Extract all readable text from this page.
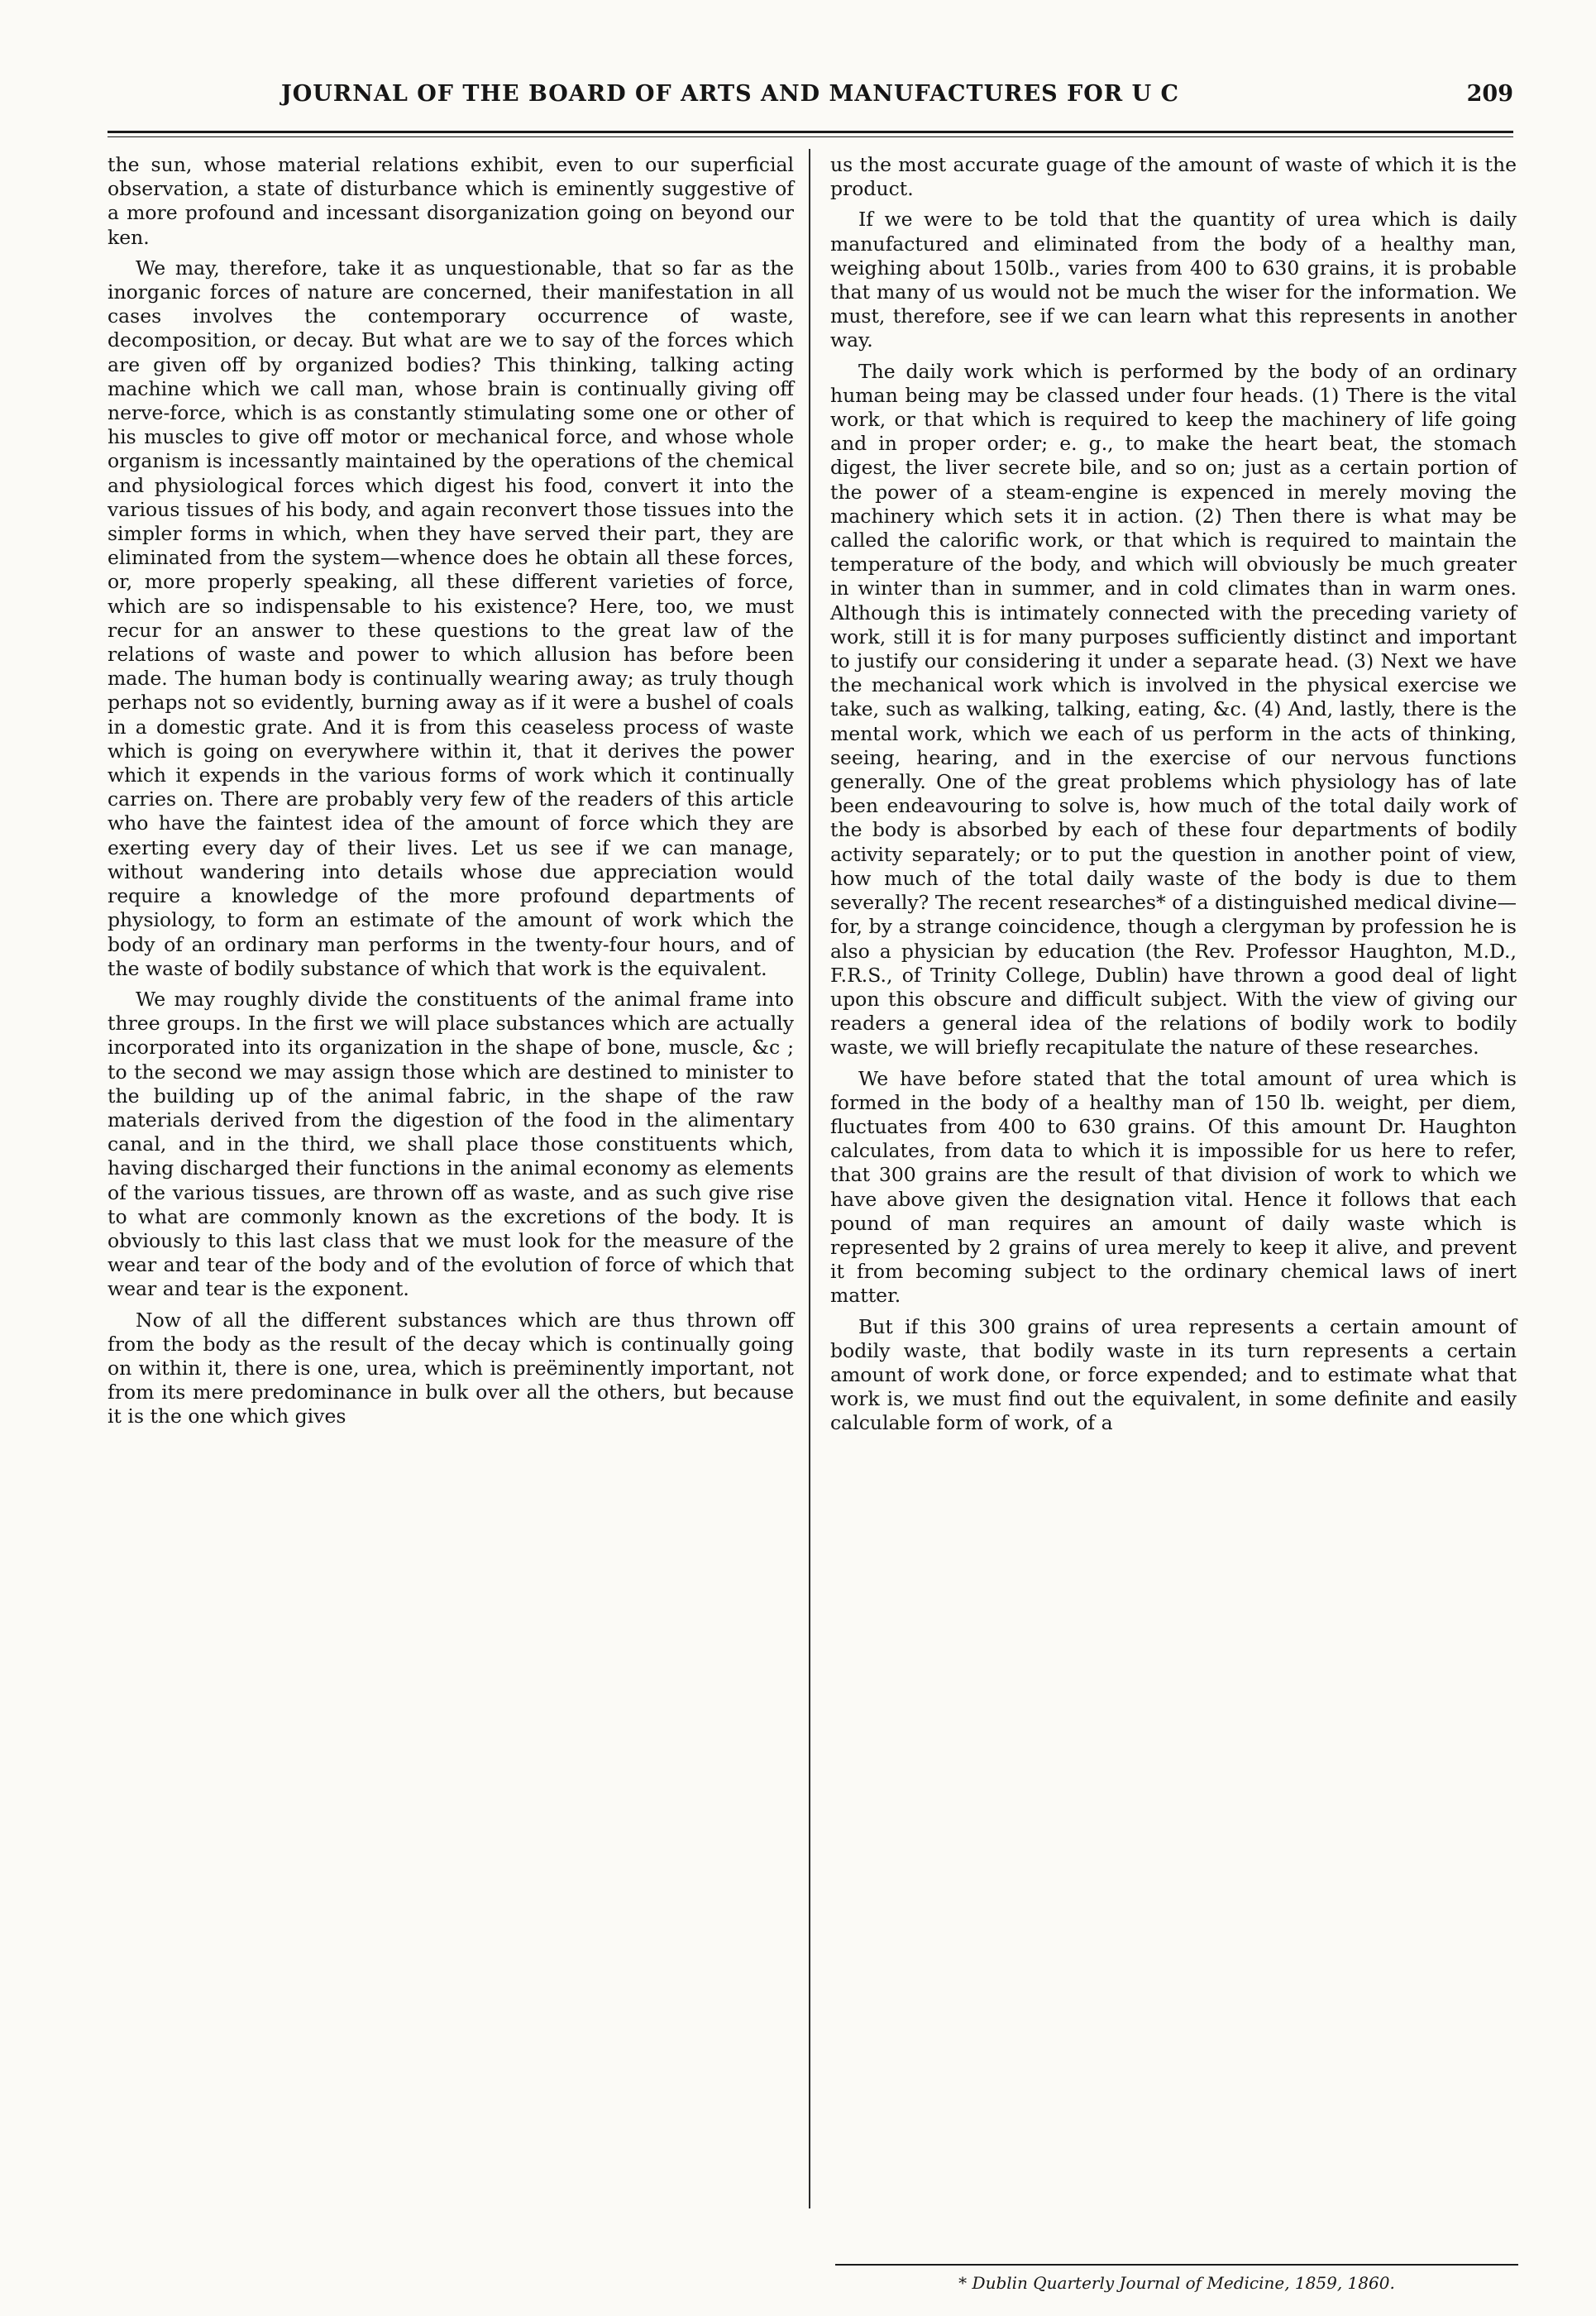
JOURNAL OF THE BOARD OF ARTS AND MANUFACTURES FOR U C	209

the sun, whose material relations exhibit, even to our superficial observation, a state of disturbance which is eminently suggestive of a more profound and incessant disorganization going on beyond our ken.

We may, therefore, take it as unquestionable, that so far as the inorganic forces of nature are concerned, their manifestation in all cases involves the contemporary occurrence of waste, decomposition, or decay. But what are we to say of the forces which are given off by organized bodies? This thinking, talking acting machine which we call man, whose brain is continually giving off nerve-force, which is as constantly stimulating some one or other of his muscles to give off motor or mechanical force, and whose whole organism is incessantly maintained by the operations of the chemical and physiological forces which digest his food, convert it into the various tissues of his body, and again reconvert those tissues into the simpler forms in which, when they have served their part, they are eliminated from the system—whence does he obtain all these forces, or, more properly speaking, all these different varieties of force, which are so indispensable to his existence? Here, too, we must recur for an answer to these questions to the great law of the relations of waste and power to which allusion has before been made. The human body is continually wearing away; as truly though perhaps not so evidently, burning away as if it were a bushel of coals in a domestic grate. And it is from this ceaseless process of waste which is going on everywhere within it, that it derives the power which it expends in the various forms of work which it continually carries on. There are probably very few of the readers of this article who have the faintest idea of the amount of force which they are exerting every day of their lives. Let us see if we can manage, without wandering into details whose due appreciation would require a knowledge of the more profound departments of physiology, to form an estimate of the amount of work which the body of an ordinary man performs in the twenty-four hours, and of the waste of bodily substance of which that work is the equivalent.

We may roughly divide the constituents of the animal frame into three groups. In the first we will place substances which are actually incorporated into its organization in the shape of bone, muscle, &c ; to the second we may assign those which are destined to minister to the building up of the animal fabric, in the shape of the raw materials derived from the digestion of the food in the alimentary canal, and in the third, we shall place those constituents which, having discharged their functions in the animal economy as elements of the various tissues, are thrown off as waste, and as such give rise to what are commonly known as the excretions of the body. It is obviously to this last class that we must look for the measure of the wear and tear of the body and of the evolution of force of which that wear and tear is the exponent.

Now of all the different substances which are thus thrown off from the body as the result of the decay which is continually going on within it, there is one, urea, which is preëminently important, not from its mere predominance in bulk over all the others, but because it is the one which gives

us the most accurate guage of the amount of waste of which it is the product.

If we were to be told that the quantity of urea which is daily manufactured and eliminated from the body of a healthy man, weighing about 150lb., varies from 400 to 630 grains, it is probable that many of us would not be much the wiser for the information. We must, therefore, see if we can learn what this represents in another way.

The daily work which is performed by the body of an ordinary human being may be classed under four heads. (1) There is the vital work, or that which is required to keep the machinery of life going and in proper order; e. g., to make the heart beat, the stomach digest, the liver secrete bile, and so on; just as a certain portion of the power of a steam-engine is expenced in merely moving the machinery which sets it in action. (2) Then there is what may be called the calorific work, or that which is required to maintain the temperature of the body, and which will obviously be much greater in winter than in summer, and in cold climates than in warm ones. Although this is intimately connected with the preceding variety of work, still it is for many purposes sufficiently distinct and important to justify our considering it under a separate head. (3) Next we have the mechanical work which is involved in the physical exercise we take, such as walking, talking, eating, &c. (4) And, lastly, there is the mental work, which we each of us perform in the acts of thinking, seeing, hearing, and in the exercise of our nervous functions generally. One of the great problems which physiology has of late been endeavouring to solve is, how much of the total daily work of the body is absorbed by each of these four departments of bodily activity separately; or to put the question in another point of view, how much of the total daily waste of the body is due to them severally? The recent researches* of a distinguished medical divine—for, by a strange coincidence, though a clergyman by profession he is also a physician by education (the Rev. Professor Haughton, M.D., F.R.S., of Trinity College, Dublin) have thrown a good deal of light upon this obscure and difficult subject. With the view of giving our readers a general idea of the relations of bodily work to bodily waste, we will briefly recapitulate the nature of these researches.

We have before stated that the total amount of urea which is formed in the body of a healthy man of 150 lb. weight, per diem, fluctuates from 400 to 630 grains. Of this amount Dr. Haughton calculates, from data to which it is impossible for us here to refer, that 300 grains are the result of that division of work to which we have above given the designation vital. Hence it follows that each pound of man requires an amount of daily waste which is represented by 2 grains of urea merely to keep it alive, and prevent it from becoming subject to the ordinary chemical laws of inert matter.

But if this 300 grains of urea represents a certain amount of bodily waste, that bodily waste in its turn represents a certain amount of work done, or force expended; and to estimate what that work is, we must find out the equivalent, in some definite and easily calculable form of work, of a

* Dublin Quarterly Journal of Medicine, 1859, 1860.
